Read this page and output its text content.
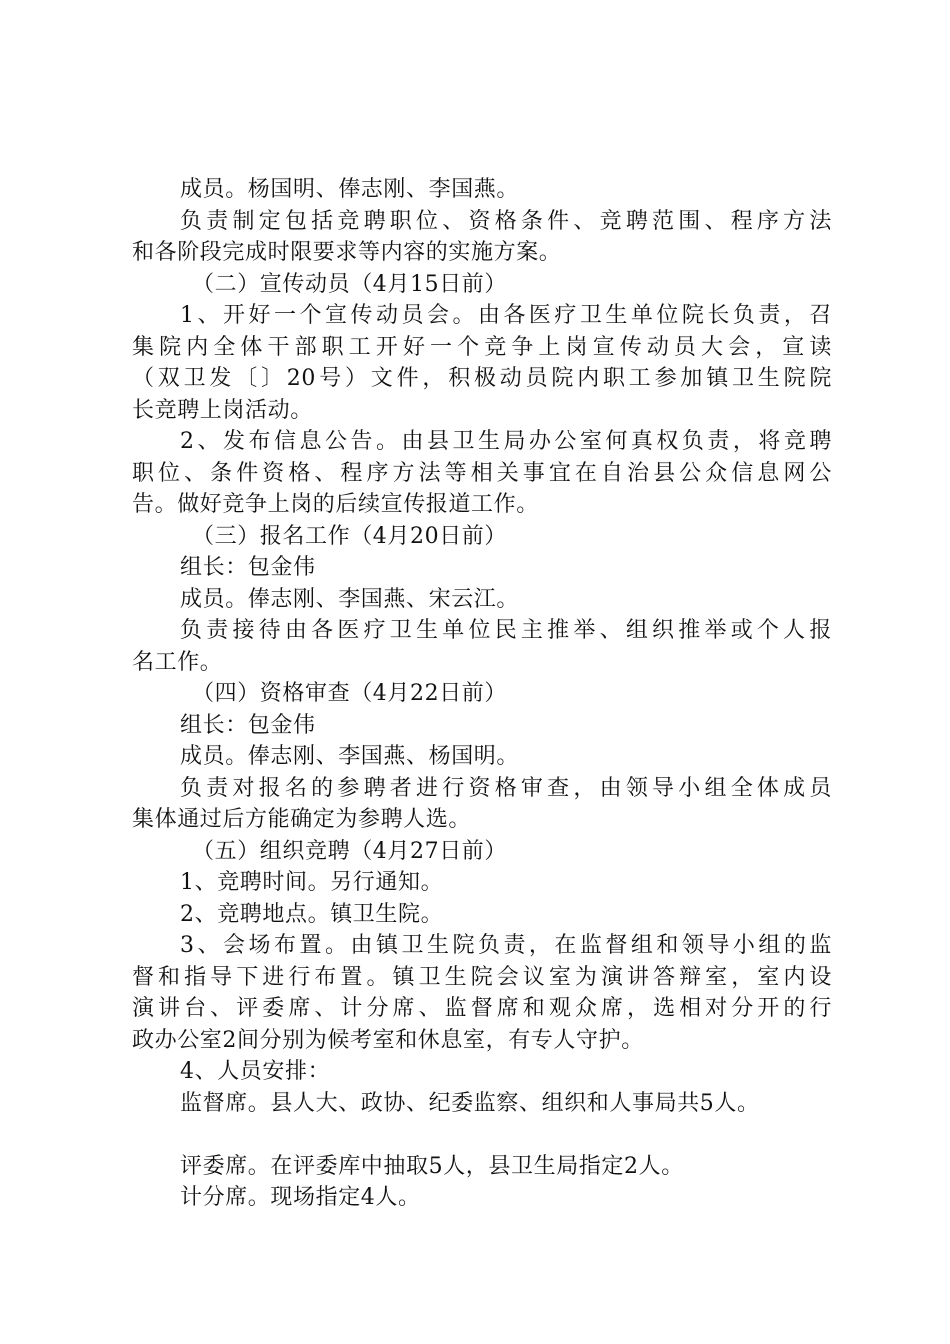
成员。杨国明、俸志刚、李国燕。
负责制定包括竞聘职位、资格条件、竞聘范围、程序方法
和各阶段完成时限要求等内容的实施方案。
（二）宣传动员（4月15日前）
1、开好一个宣传动员会。由各医疗卫生单位院长负责，召
集院内全体干部职工开好一个竞争上岗宣传动员大会，宣读
（双卫发〔〕20号）文件，积极动员院内职工参加镇卫生院院
长竞聘上岗活动。
2、发布信息公告。由县卫生局办公室何真权负责，将竞聘
职位、条件资格、程序方法等相关事宜在自治县公众信息网公
告。做好竞争上岗的后续宣传报道工作。
（三）报名工作（4月20日前）
组长：包金伟
成员。俸志刚、李国燕、宋云江。
负责接待由各医疗卫生单位民主推举、组织推举或个人报
名工作。
（四）资格审查（4月22日前）
组长：包金伟
成员。俸志刚、李国燕、杨国明。
负责对报名的参聘者进行资格审查，由领导小组全体成员
集体通过后方能确定为参聘人选。
（五）组织竞聘（4月27日前）
1、竞聘时间。另行通知。
2、竞聘地点。镇卫生院。
3、会场布置。由镇卫生院负责，在监督组和领导小组的监
督和指导下进行布置。镇卫生院会议室为演讲答辩室，室内设
演讲台、评委席、计分席、监督席和观众席，选相对分开的行
政办公室2间分别为候考室和休息室，有专人守护。
4、人员安排：
监督席。县人大、政协、纪委监察、组织和人事局共5人。
评委席。在评委库中抽取5人，县卫生局指定2人。
计分席。现场指定4人。
